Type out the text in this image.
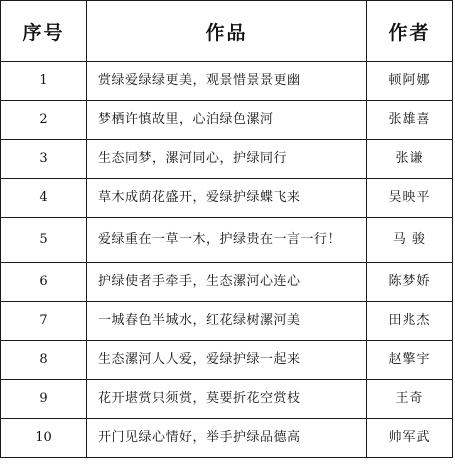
序号	作品	作者
1	赏绿爱绿绿更美，观景惜景景更幽	顿阿娜
2	梦栖许慎故里，心泊绿色漯河	张雄喜
3	生态同梦，漯河同心，护绿同行	张谦
4	草木成荫花盛开，爱绿护绿蝶飞来	吴映平
5	爱绿重在一草一木，护绿贵在一言一行！	马 骏
6	护绿使者手牵手，生态漯河心连心	陈梦娇
7	一城春色半城水，红花绿树漯河美	田兆杰
8	生态漯河人人爱，爱绿护绿一起来	赵擎宇
9	花开堪赏只须赏，莫要折花空赏枝	王奇
10	开门见绿心情好，举手护绿品德高	帅军武
